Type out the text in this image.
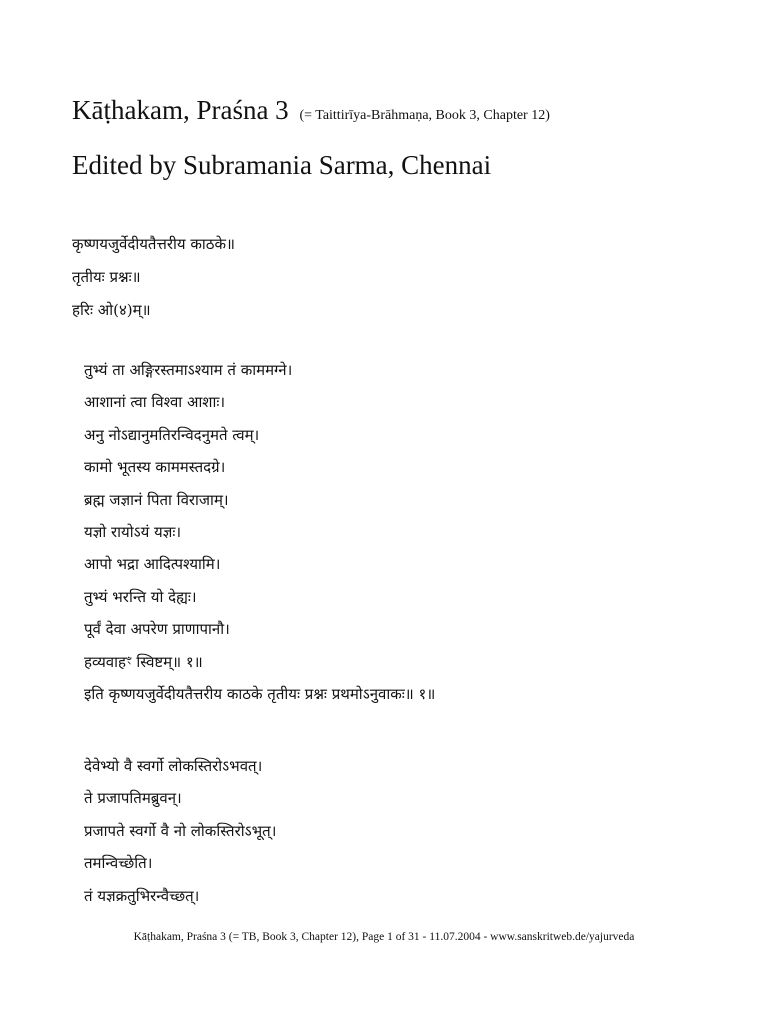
Kāṭhakam, Praśna 3 (= Taittirīya-Brāhmaṇa, Book 3, Chapter 12)
Edited by Subramania Sarma, Chennai
कृष्णयजुर्वेदीयतैत्तरीय काठके॥
तृतीयः प्रश्नः॥
हरिः ओ(४)म्॥
तुभ्यं ता अङ्गिरस्तमाऽश्याम तं काममग्ने।
आशानां त्वा विश्वा आशाः।
अनु नोऽद्यानुमतिरन्विदनुमते त्वम्।
कामो भूतस्य काममस्तदग्रे।
ब्रह्म जज्ञानं पिता विराजाम्।
यज्ञो रायोऽयं यज्ञः।
आपो भद्रा आदित्पश्यामि।
तुभ्यं भरन्ति यो देह्यः।
पूर्वं देवा अपरेण प्राणापानौ।
हव्यवाहꣳ स्विष्टम्॥ १॥
इति कृष्णयजुर्वेदीयतैत्तरीय काठके तृतीयः प्रश्नः प्रथमोऽनुवाकः॥ १॥
देवेभ्यो वै स्वर्गो लोकस्तिरोऽभवत्।
ते प्रजापतिमब्रुवन्।
प्रजापते स्वर्गो वै नो लोकस्तिरोऽभूत्।
तमन्विच्छेति।
तं यज्ञक्रतुभिरन्वैच्छत्।
Kāṭhakam, Praśna 3 (= TB, Book 3, Chapter 12), Page 1 of 31 - 11.07.2004 - www.sanskritweb.de/yajurveda
